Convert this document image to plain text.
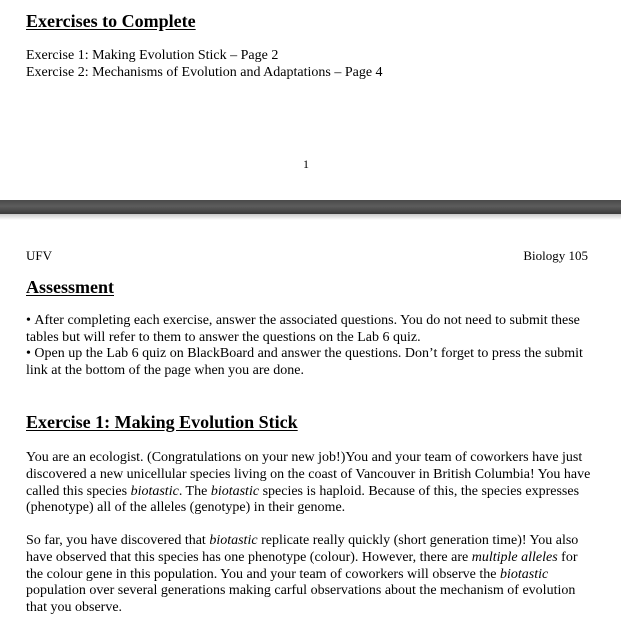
Exercises to Complete
Exercise 1: Making Evolution Stick – Page 2
Exercise 2: Mechanisms of Evolution and Adaptations – Page 4
1
UFV	Biology 105
Assessment

• After completing each exercise, answer the associated questions. You do not need to submit these tables but will refer to them to answer the questions on the Lab 6 quiz.

• Open up the Lab 6 quiz on BlackBoard and answer the questions. Don’t forget to press the submit link at the bottom of the page when you are done.

Exercise 1: Making Evolution Stick

You are an ecologist. (Congratulations on your new job!)You and your team of coworkers have just discovered a new unicellular species living on the coast of Vancouver in British Columbia! You have called this species biotastic. The biotastic species is haploid. Because of this, the species expresses (phenotype) all of the alleles (genotype) in their genome.

So far, you have discovered that biotastic replicate really quickly (short generation time)! You also have observed that this species has one phenotype (colour). However, there are multiple alleles for the colour gene in this population. You and your team of coworkers will observe the biotastic population over several generations making carful observations about the mechanism of evolution that you observe.
